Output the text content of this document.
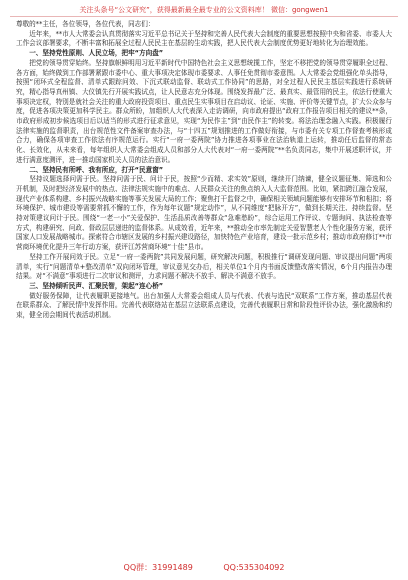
关注头条号“公文研究”，获得最新最全最专业的公文资料库！ 微信：gongwen1

尊敬的**主任，各位领导，各位代表，同志们：

近年来，**市人大常委会认真贯彻落实习近平总书记关于坚持和完善人民代表大会制度的重要思想按照中央和省委、市委人大工作会议部署要求，不断丰富和拓展全过程人民民主在基层的生动实践，把人民代表大会制度优势更好地转化为治理效能。

一、坚持党性原则、人民立场，把牢“方向盘”

把党的领导贯穿始终。坚持旗帜鲜明用习近平新时代中国特色社会主义思想统揽工作，坚定不移把党的领导贯穿履职全过程、各方面，始终做到工作部署紧跟市委中心、重大事项决定体现市委要求、人事任免贯彻市委意图。人大常委会党组强化单头指导，按照“闭环式全程监督、清单式跟踪问效、下沉式联动监督、联动式工作协同”的思路，对全过程人民民主基层实践进行系统研究，精心指导真州镇、大仪镇先行开展实践试点，让人民意志充分体现。围绕发挥最广泛、最真实、最管用的民主，依法行使重大事项决定权，特别是就社会关注的重大政府投资项目、重点民生实事项目在启动议、论证、实施、评价等关键节点，扩大公众参与度，促进各项决策更加科学民主。群众所盼，加组织人大代表深入走访调研，向市政府提出“政府工作报告项目相关的建议**条，市政府形成初步候选项目后以适当的形式进行征求意见，实现“为民作主”到“由民作主”的转变。将法治理念融入实践。积极履行法律实施的监督职责，出台规范性文件备案审查办法，与“十四五”规划推进的工作做好衔接，与市委有关专项工作督查考核形成合力，确保各项审查工作依法有序规范运行。实行“一府一委两院”协力推进各项事业在法治轨道上运转，推动任后监督的常态化、长效化，从未来看，每年组织人大常委会组成人员和部分人大代表对“一府一委两院”**名负责同志，集中开展述职评议，并进行满意度测评，进一推动国家机关人员的法治意识。

二、坚持民有所呼、我有所应，打开“民意窗”

坚持议题选择问需于民。坚持问需于民、问计于民，按照“少而精、求实效”原则，继续开门纳谏，健全议题征集、筛选和公开机制，及时把经济发展中的热点、法律法规实施中的难点、人民群众关注的焦点纳入人大监督范围。比如，紧扣跨江融合发展，现代产业体系构建、乡村振兴战略实施等事关发展大局的工作；聚焦打干监督之中，确保相关领域问题能够有安排环节和相扣；将环境保护、城市建设等需要常抓不懈的工作，作为每年议题“规定动作”，从不同维度“把脉开方”，做到长期关注、持续监督。坚持对策建议问计于民。围绕“一老一小”关爱保护、生活品质改善等群众“急难愁盼”，综合运用工作评议、专题询问、执法检查等方式，构建研究、问政、督政层层递进的监督体系。从成效看，近年来，**推动全市率先制定关爱智慧老人个性化服务方案，获评国家人口发展战略城市。探索符合市辖区发展的乡村振兴建设路径，加快特色产业培育，建设一批示范乡村；推动市政府修订**市营商环境优化提升三年行动方案，获评江苏营商环境“十佳”县市。

坚持工作开展问效于民。立足“一府一委两院”共同发展问题，研究解决问题，积极推行“调研发现问题、审议提出问题”两项清单，实行“问题清单+整改清单”双向闭环管理，审议意见交办后，相关单位1个月内书面反馈整改落实情况，6个月内报告办理结果。对“不满意”事项进行二次审议和测评，力求问题不解决不放手、解决不满意不放手。

三、坚持倾听民声、汇聚民智，架起“连心桥”

做好服务保障，让代表履职更接地气。出台加强人大常委会组成人员与代表、代表与选民“双联系”工作方案，推动基层代表在联系群众、了解民情中发挥作用。完善代表联络站在基层立法联系点建设，完善代表履职日常和阶段性评价办法，强化激励和约束，健全闭会期间代表活动机制。

QQ群：31991489	QQ:535304092
